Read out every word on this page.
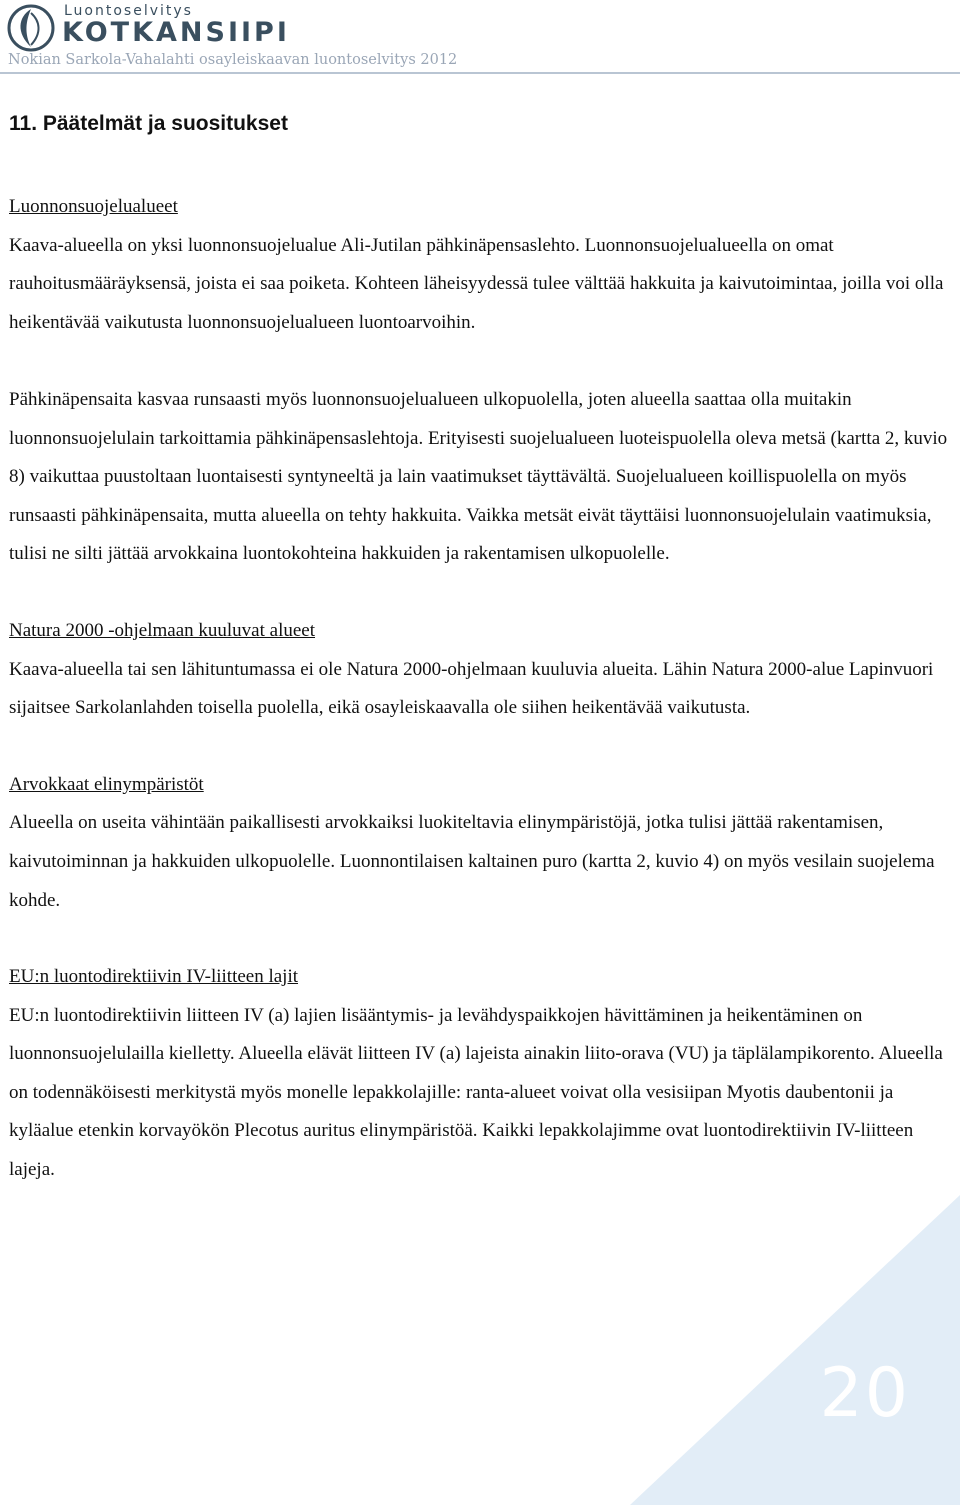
Luontoselvitys
KOTKANSIIPI
Nokian Sarkola-Vahalahti osayleiskaavan luontoselvitys 2012
11. Päätelmät ja suositukset
Luonnonsuojelualueet

Kaava-alueella on yksi luonnonsuojelualue Ali-Jutilan pähkinäpensaslehto. Luonnonsuojelualueella on omat rauhoitusmääräyksensä, joista ei saa poiketa. Kohteen läheisyydessä tulee välttää hakkuita ja kaivutoimintaa, joilla voi olla heikentävää vaikutusta luonnonsuojelualueen luontoarvoihin.

Pähkinäpensaita kasvaa runsaasti myös luonnonsuojelualueen ulkopuolella, joten alueella saattaa olla muitakin luonnonsuojelulain tarkoittamia pähkinäpensaslehtoja. Erityisesti suojelualueen luoteispuolella oleva metsä (kartta 2, kuvio 8) vaikuttaa puustoltaan luontaisesti syntyneeltä ja lain vaatimukset täyttävältä. Suojelualueen koillispuolella on myös runsaasti pähkinäpensaita, mutta alueella on tehty hakkuita. Vaikka metsät eivät täyttäisi luonnonsuojelulain vaatimuksia, tulisi ne silti jättää arvokkaina luontokohteina hakkuiden ja rakentamisen ulkopuolelle.

Natura 2000 -ohjelmaan kuuluvat alueet

Kaava-alueella tai sen lähituntumassa ei ole Natura 2000-ohjelmaan kuuluvia alueita. Lähin Natura 2000-alue Lapinvuori sijaitsee Sarkolanlahden toisella puolella, eikä osayleiskaavalla ole siihen heikentävää vaikutusta.

Arvokkaat elinympäristöt

Alueella on useita vähintään paikallisesti arvokkaiksi luokiteltavia elinympäristöjä, jotka tulisi jättää rakentamisen, kaivutoiminnan ja hakkuiden ulkopuolelle. Luonnontilaisen kaltainen puro (kartta 2, kuvio 4) on myös vesilain suojelema kohde.

EU:n luontodirektiivin IV-liitteen lajit

EU:n luontodirektiivin liitteen IV (a) lajien lisääntymis- ja levähdyspaikkojen hävittäminen ja heikentäminen on luonnonsuojelulailla kielletty. Alueella elävät liitteen IV (a) lajeista ainakin liito-orava (VU) ja täplälampikorento. Alueella on todennäköisesti merkitystä myös monelle lepakkolajille: ranta-alueet voivat olla vesisiipan Myotis daubentonii ja kyläalue etenkin korvayökön Plecotus auritus elinympäristöä. Kaikki lepakkolajimme ovat luontodirektiivin IV-liitteen lajeja.

20
